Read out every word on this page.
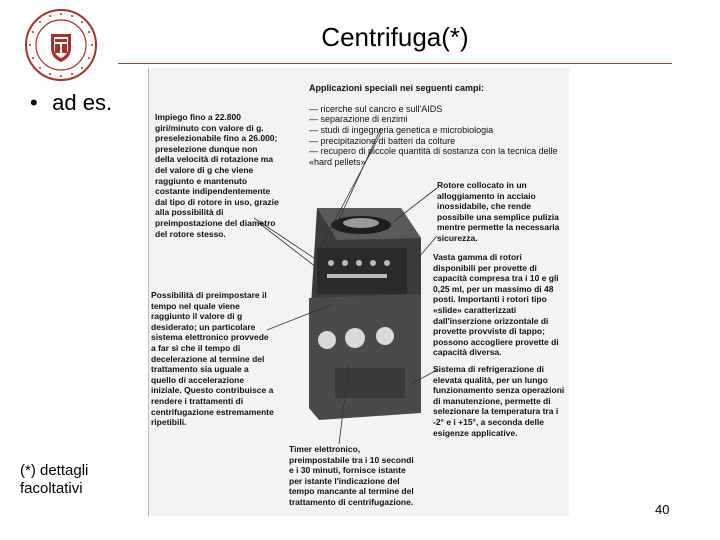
Centrifuga(*)
• ad es.
(*) dettagli facoltativi
40

Applicazioni speciali nei seguenti campi:

— ricerche sul cancro e sull'AIDS
— separazione di enzimi
— studi di ingegneria genetica e microbiologia
— precipitazione di batteri da colture
— recupero di piccole quantità di sostanza con la tecnica delle «hard pellets»

Impiego fino a 22.800 giri/minuto con valore di g. preselezionabile fino a 26.000; preselezione dunque non della velocità di rotazione ma del valore di g che viene raggiunto e mantenuto costante indipendentemente dal tipo di rotore in uso, grazie alla possibilità di preimpostazione del diametro del rotore stesso.
Possibilità di preimpostare il tempo nel quale viene raggiunto il valore di g desiderato; un particolare sistema elettronico provvede a far sì che il tempo di decelerazione al termine del trattamento sia uguale a quello di accelerazione iniziale. Questo contribuisce a rendere i trattamenti di centrifugazione estremamente ripetibili.
Rotore collocato in un alloggiamento in acciaio inossidabile, che rende possibile una semplice pulizia mentre permette la necessaria sicurezza.
Vasta gamma di rotori disponibili per provette di capacità compresa tra i 10 e gli 0,25 ml, per un massimo di 48 posti. Importanti i rotori tipo «slide» caratterizzati dall'inserzione orizzontale di provette provviste di tappo; possono accogliere provette di capacità diversa.
Sistema di refrigerazione di elevata qualità, per un lungo funzionamento senza operazioni di manutenzione, permette di selezionare la temperatura tra i -2° e i +15°, a seconda delle esigenze applicative.
Timer elettronico, preimpostabile tra i 10 secondi e i 30 minuti, fornisce istante per istante l'indicazione del tempo mancante al termine del trattamento di centrifugazione.
